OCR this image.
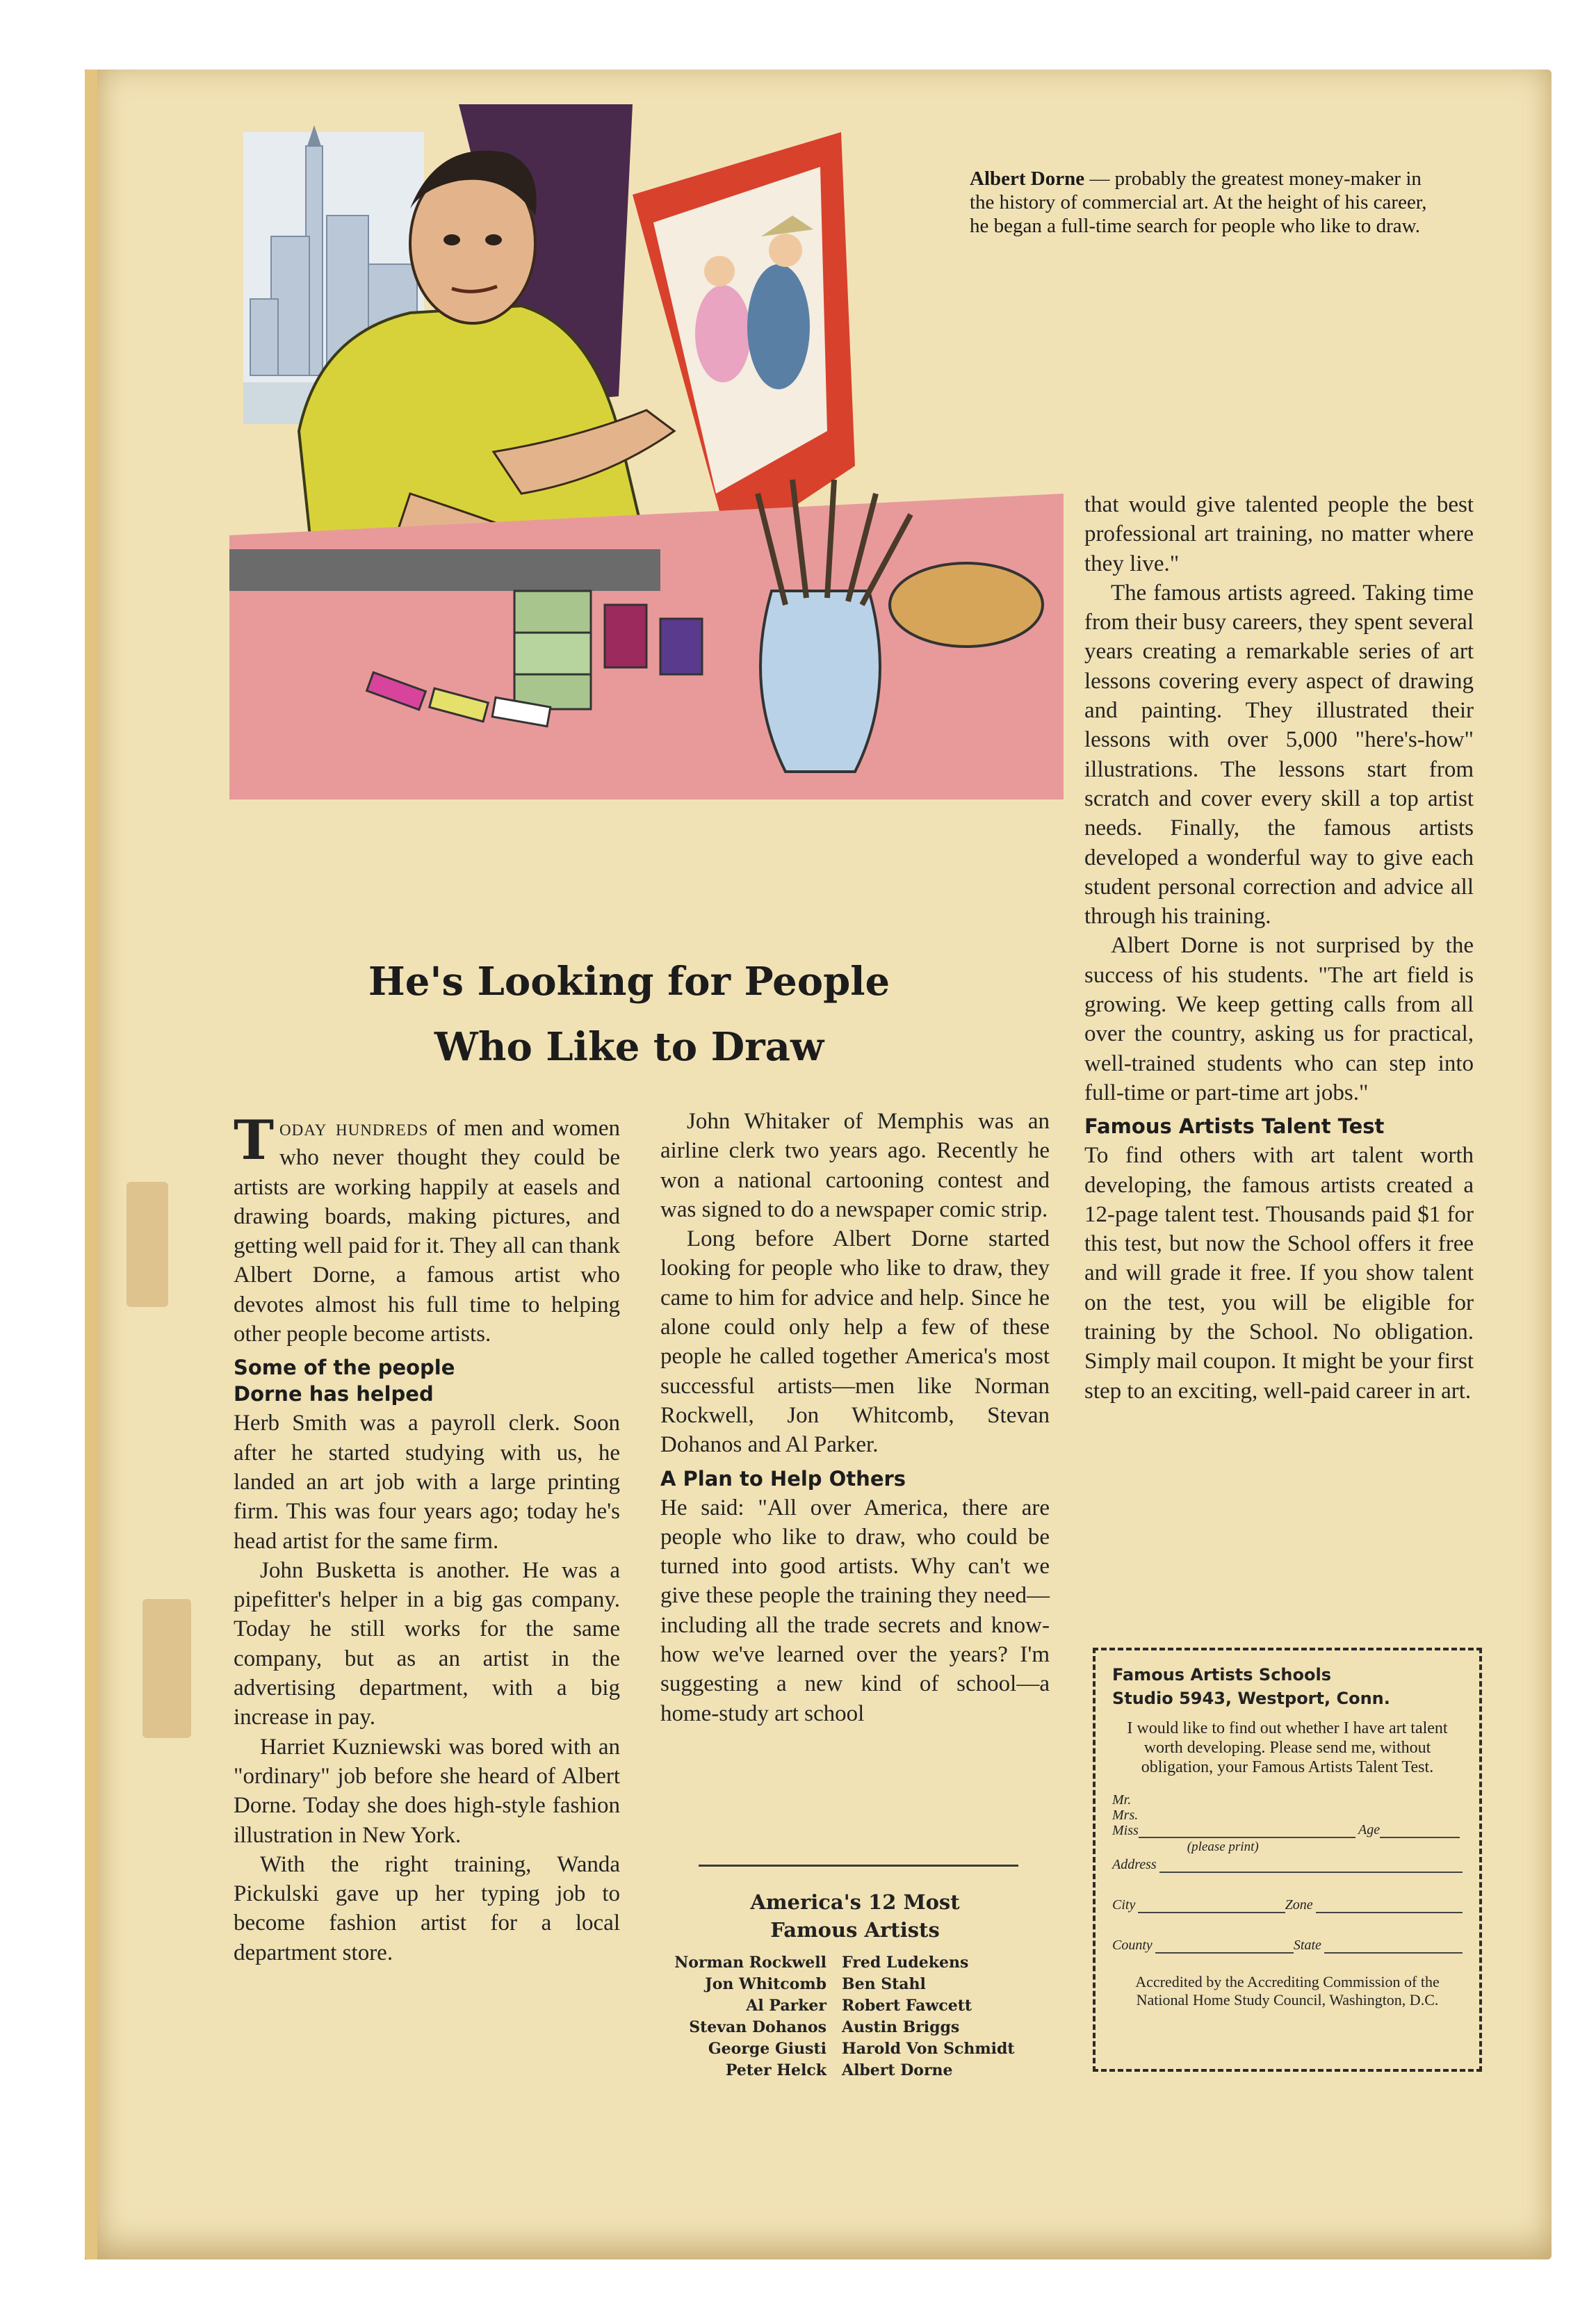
Albert Dorne — probably the greatest money-maker in the history of commercial art. At the height of his career, he began a full-time search for people who like to draw.
He's Looking for People
Who Like to Draw

Today hundreds of men and women who never thought they could be artists are working happily at easels and drawing boards, making pictures, and getting well paid for it. They all can thank Albert Dorne, a famous artist who devotes almost his full time to helping other people become artists.

Some of the people
Dorne has helped

Herb Smith was a payroll clerk. Soon after he started studying with us, he landed an art job with a large printing firm. This was four years ago; today he's head artist for the same firm.

John Busketta is another. He was a pipefitter's helper in a big gas company. Today he still works for the same company, but as an artist in the advertising department, with a big increase in pay.

Harriet Kuzniewski was bored with an "ordinary" job before she heard of Albert Dorne. Today she does high-style fashion illustration in New York.

With the right training, Wanda Pickulski gave up her typing job to become fashion artist for a local department store.

John Whitaker of Memphis was an airline clerk two years ago. Recently he won a national cartooning contest and was signed to do a newspaper comic strip.

Long before Albert Dorne started looking for people who like to draw, they came to him for advice and help. Since he alone could only help a few of these people he called together America's most successful artists—men like Norman Rockwell, Jon Whitcomb, Stevan Dohanos and Al Parker.

A Plan to Help Others

He said: "All over America, there are people who like to draw, who could be turned into good artists. Why can't we give these people the training they need—including all the trade secrets and know-how we've learned over the years? I'm suggesting a new kind of school—a home-study art school

America's 12 Most
Famous Artists
Norman Rockwell	Fred Ludekens
Jon Whitcomb	Ben Stahl
Al Parker	Robert Fawcett
Stevan Dohanos	Austin Briggs
George Giusti	Harold Von Schmidt
Peter Helck	Albert Dorne

that would give talented people the best professional art training, no matter where they live."

The famous artists agreed. Taking time from their busy careers, they spent several years creating a remarkable series of art lessons covering every aspect of drawing and painting. They illustrated their lessons with over 5,000 "here's-how" illustrations. The lessons start from scratch and cover every skill a top artist needs. Finally, the famous artists developed a wonderful way to give each student personal correction and advice all through his training.

Albert Dorne is not surprised by the success of his students. "The art field is growing. We keep getting calls from all over the country, asking us for practical, well-trained students who can step into full-time or part-time art jobs."

Famous Artists Talent Test

To find others with art talent worth developing, the famous artists created a 12-page talent test. Thousands paid $1 for this test, but now the School offers it free and will grade it free. If you show talent on the test, you will be eligible for training by the School. No obligation. Simply mail coupon. It might be your first step to an exciting, well-paid career in art.

Famous Artists Schools
Studio 5943, Westport, Conn.
I would like to find out whether I have art talent worth developing. Please send me, without obligation, your Famous Artists Talent Test.
Mr.
Mrs.
Miss
(please print)
Age
Address
City	Zone
County	State
Accredited by the Accrediting Commission of the National Home Study Council, Washington, D.C.
